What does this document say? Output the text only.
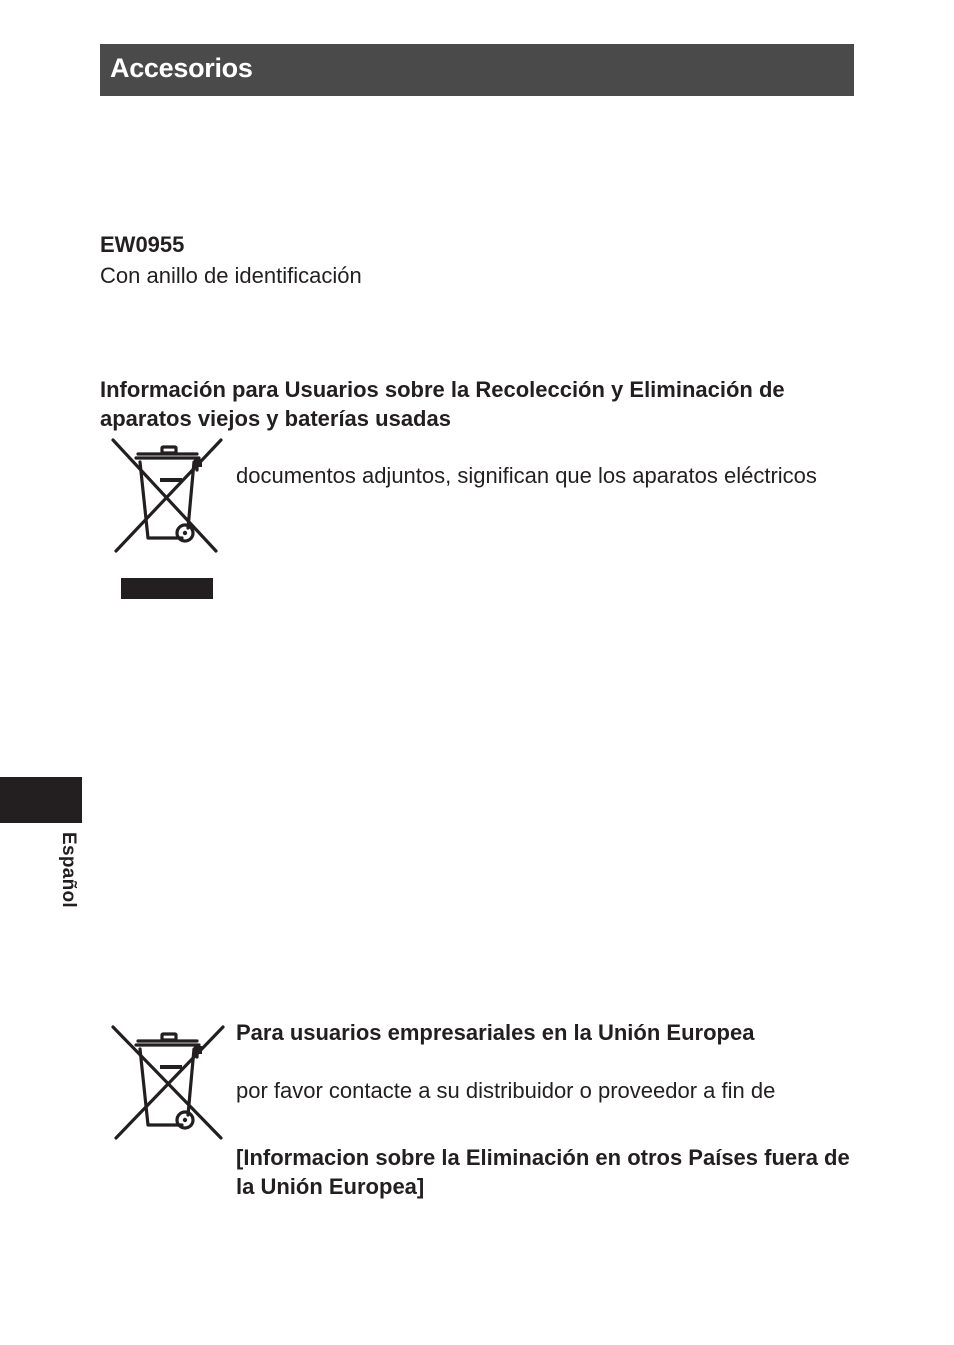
Accesorios
EW0955
Con anillo de identificación
Información para Usuarios sobre la Recolección y Eliminación de aparatos viejos y baterías usadas
documentos adjuntos, significan que los aparatos eléctricos
Español
Para usuarios empresariales en la Unión Europea
por favor contacte a su distribuidor o proveedor a fin de
[Informacion sobre la Eliminación en otros Países fuera de la Unión Europea]
